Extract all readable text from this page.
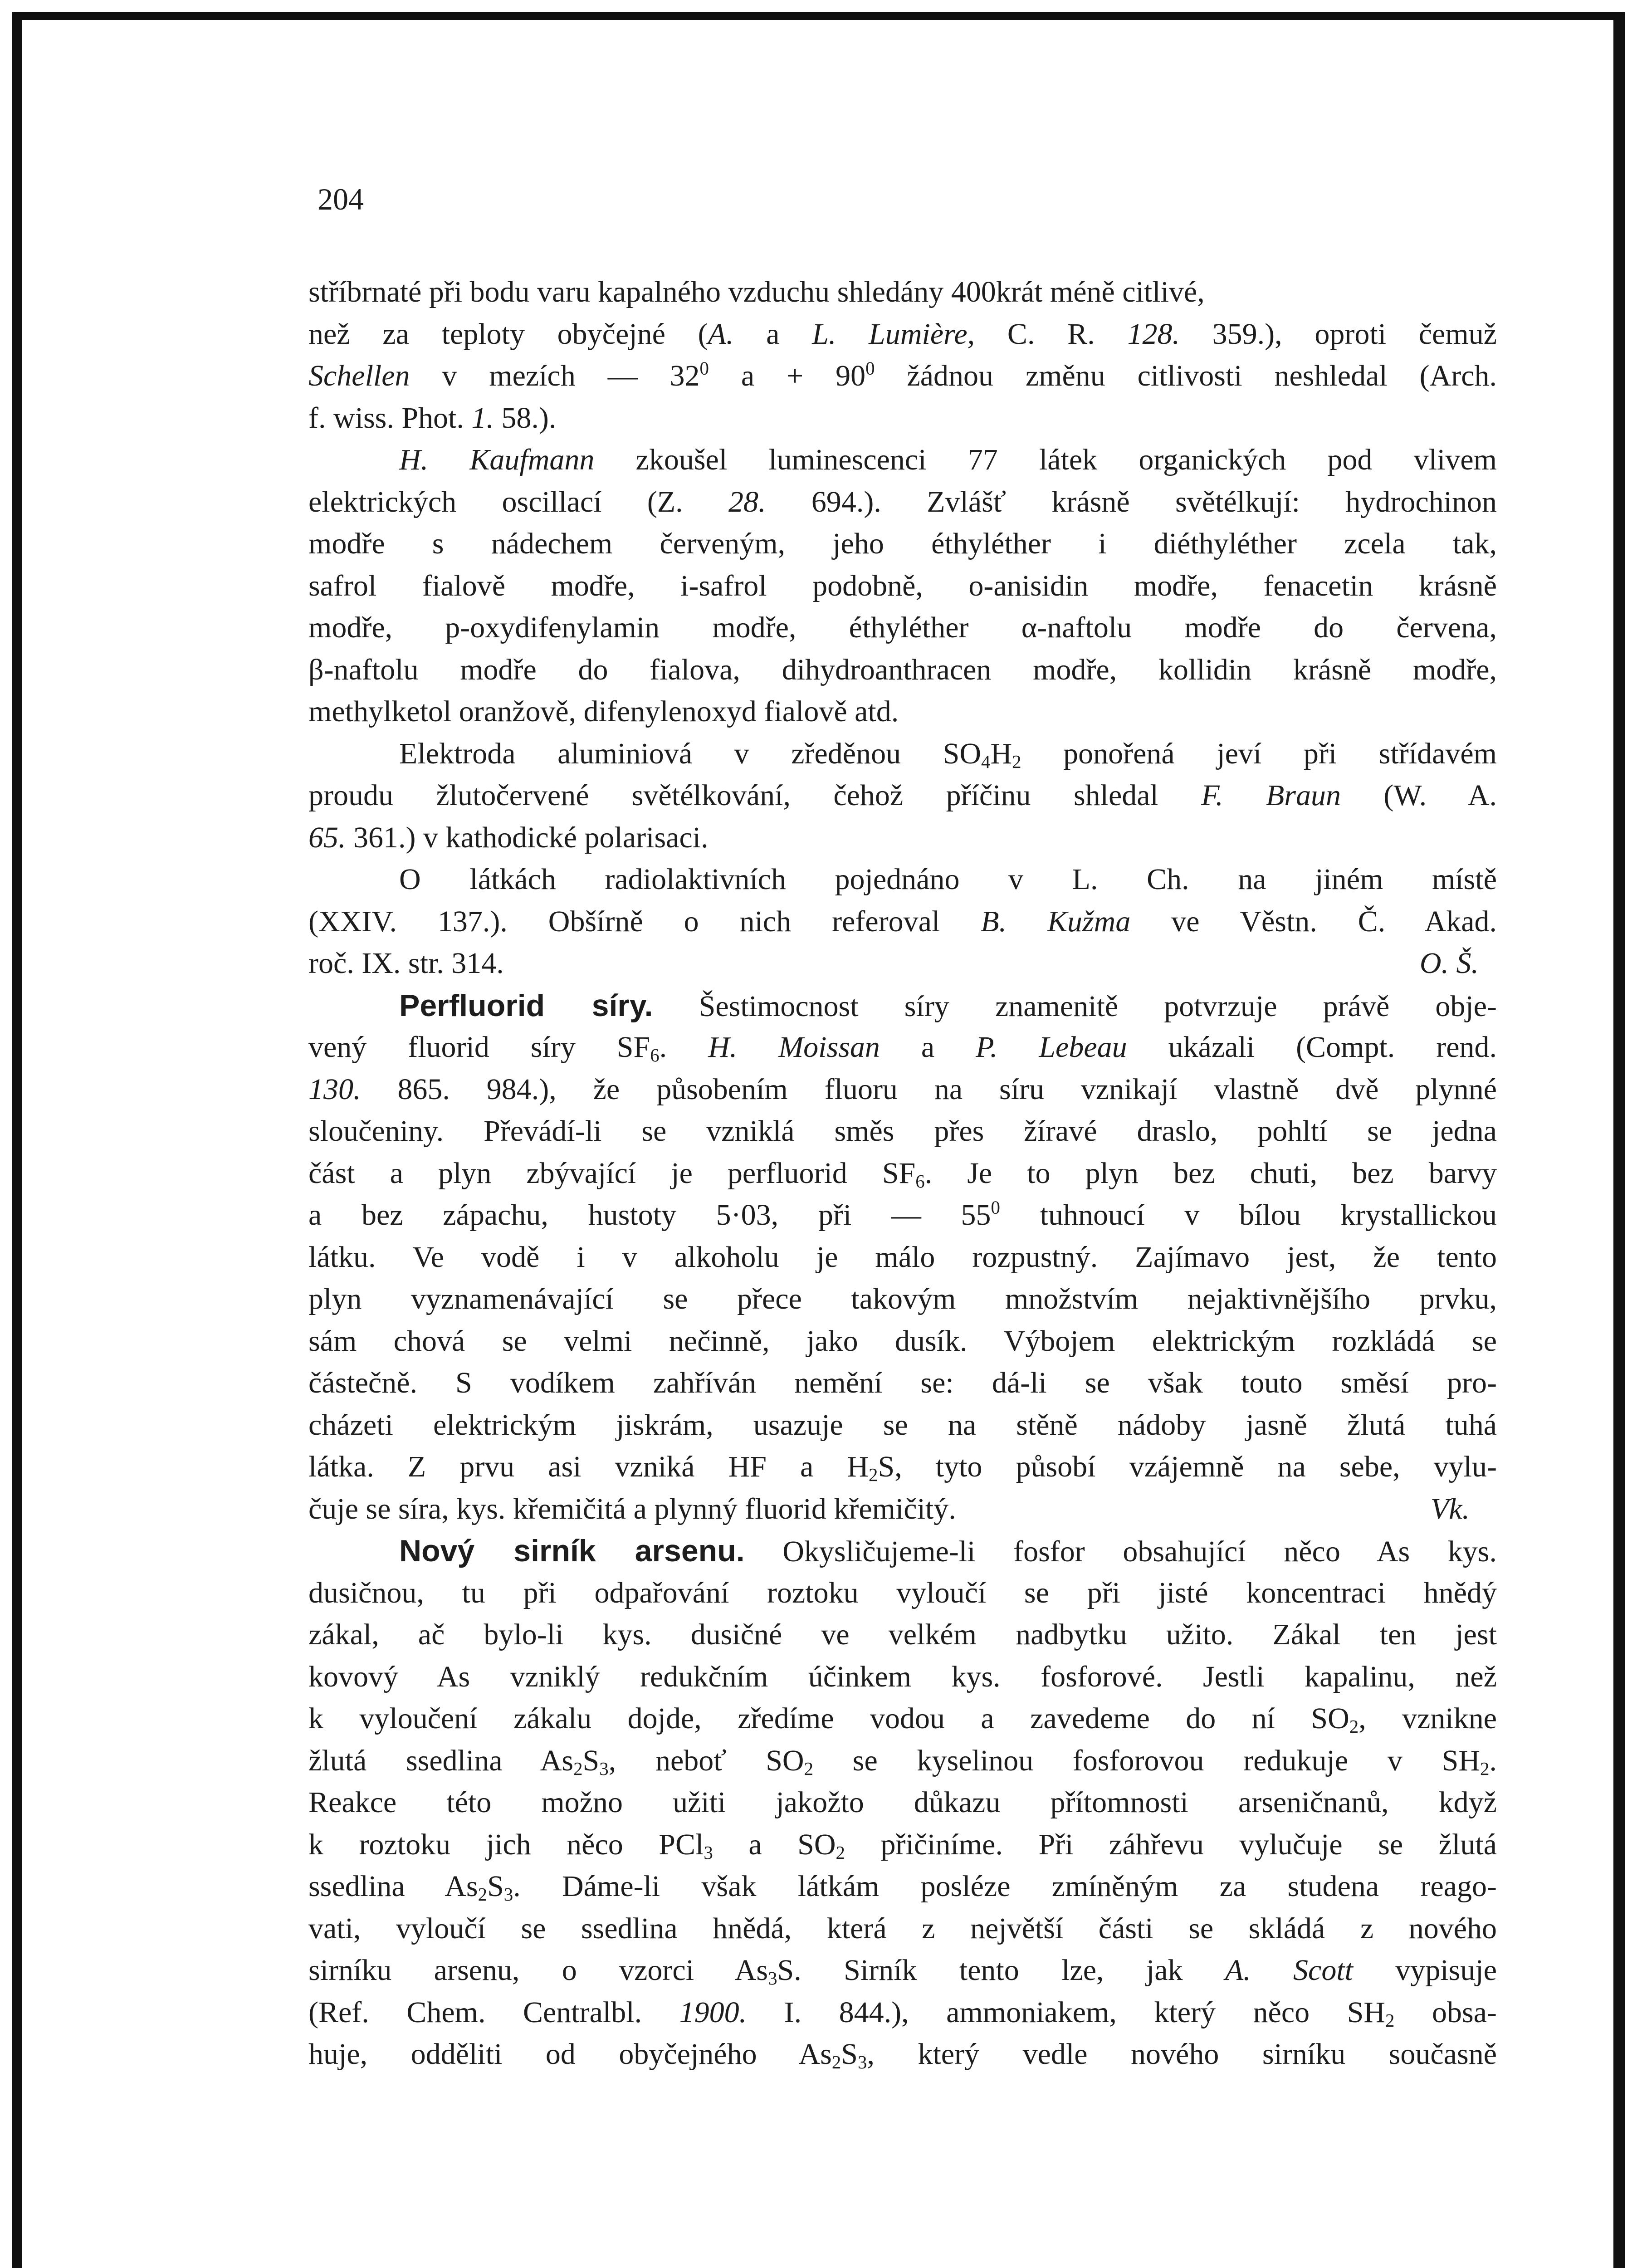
204

stříbrnaté při bodu varu kapalného vzduchu shledány 400krát méně citlivé,

než za teploty obyčejné (A. a L. Lumière, C. R. 128. 359.), oproti čemuž

Schellen v mezích — $32^0$ $a + 90^0$ žádnou změnu citlivosti neshledal (Arch.

f. wiss. Phot. 1. 58.).

H. Kaufmann zkoušel luminescenci 77 látek organických pod vlivem

elektrických oscillací (Z. 28. 694.). Zvlášť krásně světélkují: hydrochinon

modře s nádechem červeným, jeho éthyléther i diéthyléther zcela tak,

safrol fialově modře, i-safrol podobně, o-anisidin modře, fenacetin krásně

modře, p-oxydifenylamin modře, éthyléther α-naftolu modře do červena,

β-naftolu modře do fialova, dihydroanthracen modře, kollidin krásně modře,

methylketol oranžově, difenylenoxyd fialově atd.

Elektroda aluminiová v zředěnou $SO_4H_2$ ponořená jeví při střídavém

proudu žlutočervené světélkování, čehož příčinu shledal F. Braun (W. A.

65. 361.) v kathodické polarisaci.

O látkách radiolaktivních pojednáno v L. Ch. na jiném místě

(XXIV. 137.). Obšírně o nich referoval B. Kužma ve Věstn. Č. Akad.

roč. IX. str. 314.	O. Š.

Perfluorid síry. Šestimocnost síry znamenitě potvrzuje právě obje-

vený fluorid síry $SF_6$. H. Moissan a P. Lebeau ukázali (Compt. rend.

130. 865. 984.), že působením fluoru na síru vznikají vlastně dvě plynné

sloučeniny. Převádí-li se vzniklá směs přes žíravé draslo, pohltí se jedna

část a plyn zbývající je perfluorid $SF_6$. Je to plyn bez chuti, bez barvy

a bez zápachu, hustoty 5·03, při — $55^0$ tuhnoucí v bílou krystallickou

látku. Ve vodě i v alkoholu je málo rozpustný. Zajímavo jest, že tento

plyn vyznamenávající se přece takovým množstvím nejaktivnějšího prvku,

sám chová se velmi nečinně, jako dusík. Výbojem elektrickým rozkládá se

částečně. S vodíkem zahříván nemění se: dá-li se však touto směsí pro-

cházeti elektrickým jiskrám, usazuje se na stěně nádoby jasně žlutá tuhá

látka. Z prvu asi vzniká HF a $H_2S$, tyto působí vzájemně na sebe, vylu-

čuje se síra, kys. křemičitá a plynný fluorid křemičitý.	Vk.

Nový sirník arsenu. Okysličujeme-li fosfor obsahující něco As kys.

dusičnou, tu při odpařování roztoku vyloučí se při jisté koncentraci hnědý

zákal, ač bylo-li kys. dusičné ve velkém nadbytku užito. Zákal ten jest

kovový As vzniklý redukčním účinkem kys. fosforové. Jestli kapalinu, než

k vyloučení zákalu dojde, zředíme vodou a zavedeme do ní $SO_2$, vznikne

žlutá ssedlina $As_2S_3$, neboť $SO_2$ se kyselinou fosforovou redukuje v $SH_2$.

Reakce této možno užiti jakožto důkazu přítomnosti arseničnanů, když

k roztoku jich něco PCl$_3$ a $SO_2$ přičiníme. Při záhřevu vylučuje se žlutá

ssedlina $As_2S_3$. Dáme-li však látkám posléze zmíněným za studena reago-

vati, vyloučí se ssedlina hnědá, která z největší části se skládá z nového

sirníku arsenu, o vzorci $As_3S$. Sirník tento lze, jak A. Scott vypisuje

(Ref. Chem. Centralbl. 1900. I. 844.), ammoniakem, který něco $SH_2$ obsa-

huje, odděliti od obyčejného $As_2S_3$, který vedle nového sirníku současně
